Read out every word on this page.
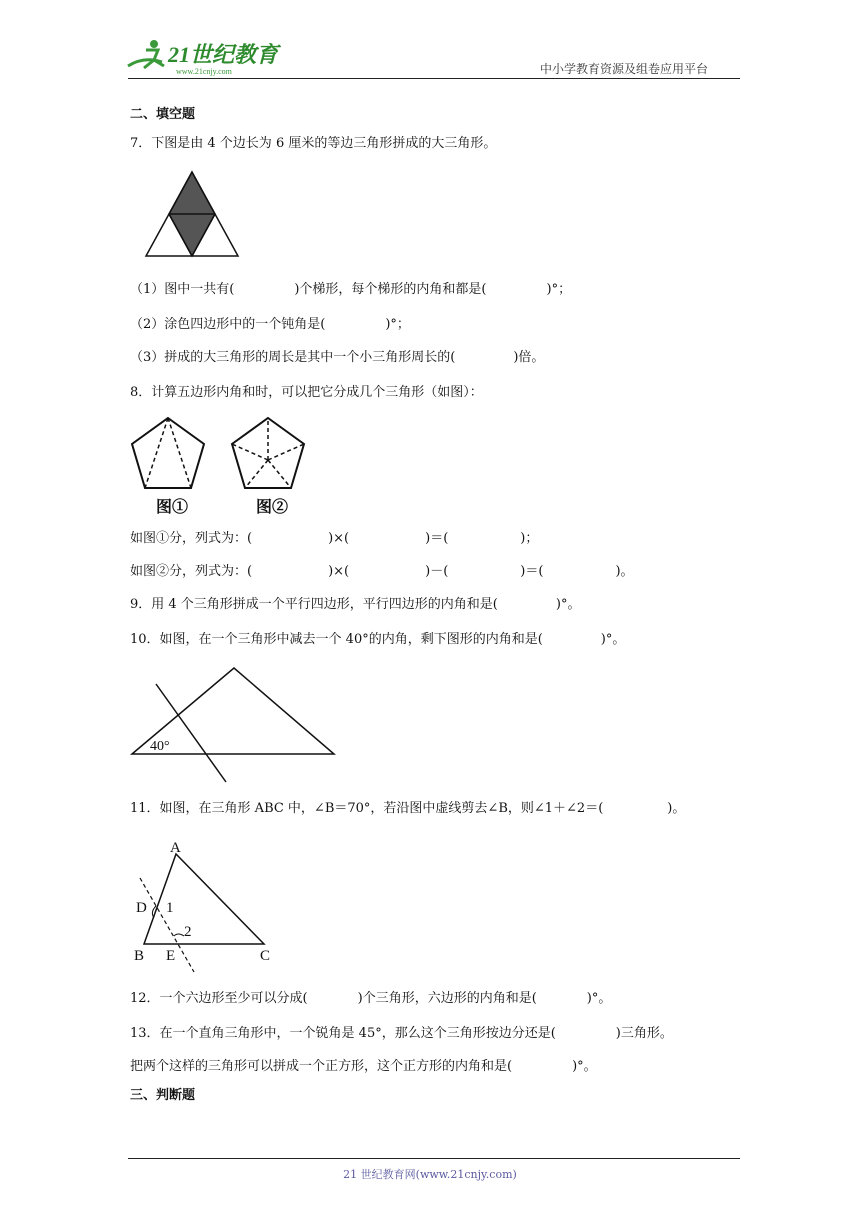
21世纪教育
www.21cnjy.com	中小学教育资源及组卷应用平台
二、填空题
7．下图是由 4 个边长为 6 厘米的等边三角形拼成的大三角形。
（1）图中一共有(	)个梯形，每个梯形的内角和都是(	)°；
（2）涂色四边形中的一个钝角是(	)°；
（3）拼成的大三角形的周长是其中一个小三角形周长的(	)倍。
8．计算五边形内角和时，可以把它分成几个三角形（如图）：
图①	图②
如图①分，列式为：(	)×(	)＝(	)；
如图②分，列式为：(	)×(	)－(	)＝(	)。
9．用 4 个三角形拼成一个平行四边形，平行四边形的内角和是(	)°。
10．如图，在一个三角形中减去一个 40°的内角，剩下图形的内角和是(	)°。
40°
11．如图，在三角形 ABC 中，∠B＝70°，若沿图中虚线剪去∠B，则∠1＋∠2＝(	)。
A
D 1
2
B E	C
12．一个六边形至少可以分成(	)个三角形，六边形的内角和是(	)°。
13．在一个直角三角形中，一个锐角是 45°，那么这个三角形按边分还是(	)三角形。
把两个这样的三角形可以拼成一个正方形，这个正方形的内角和是(	)°。
三、判断题
21 世纪教育网(www.21cnjy.com)
